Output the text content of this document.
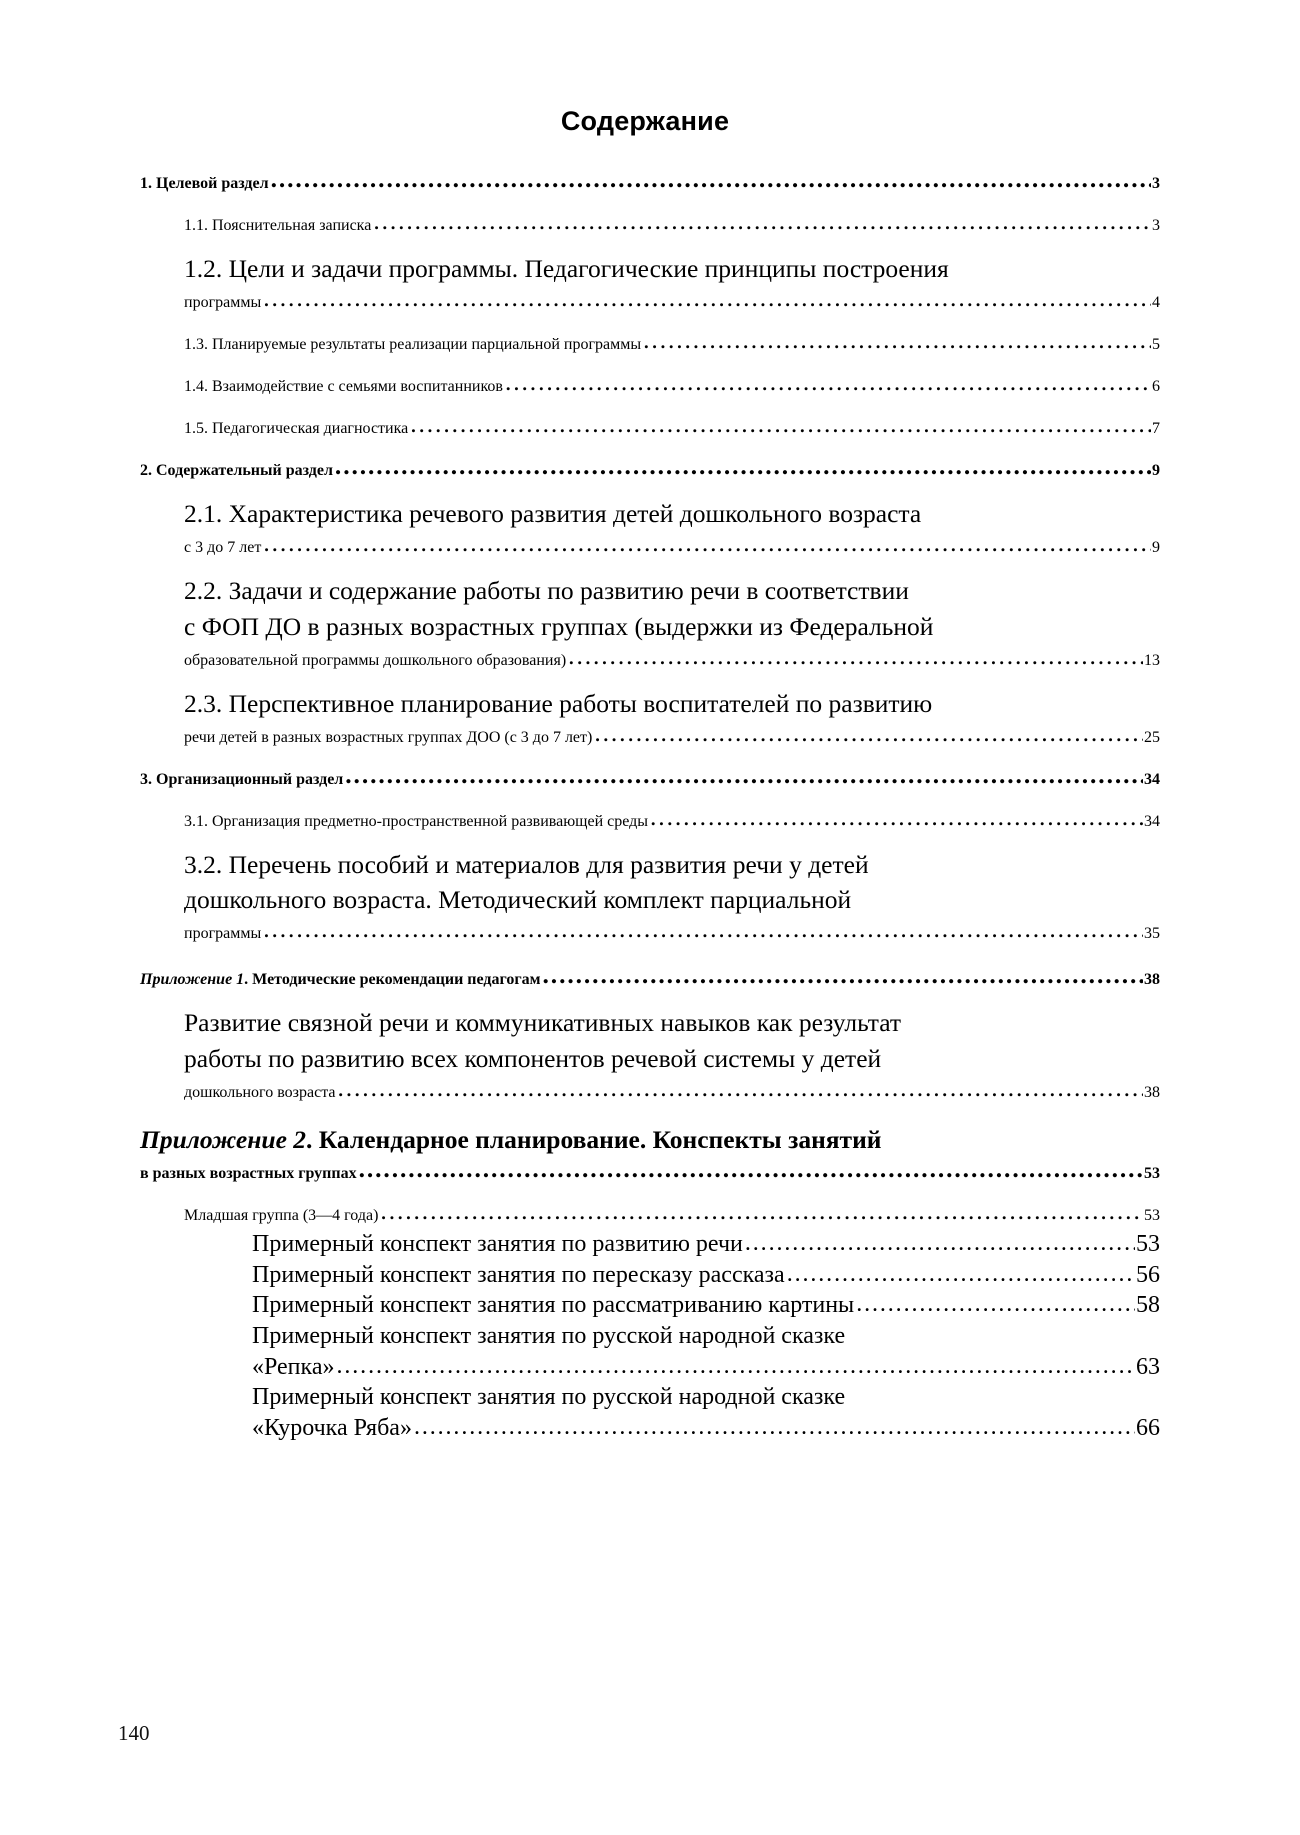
Содержание
1. Целевой раздел .....	3
1.1. Пояснительная записка .....	3
1.2. Цели и задачи программы. Педагогические принципы построения
программы .....	4
1.3. Планируемые результаты реализации парциальной программы .....	5
1.4. Взаимодействие с семьями воспитанников .....	6
1.5. Педагогическая диагностика .....	7
2. Содержательный раздел .....	9
2.1. Характеристика речевого развития детей дошкольного возраста
с 3 до 7 лет .....	9
2.2. Задачи и содержание работы по развитию речи в соответствии
с ФОП ДО в разных возрастных группах (выдержки из Федеральной
образовательной программы дошкольного образования) .....	13
2.3. Перспективное планирование работы воспитателей по развитию
речи детей в разных возрастных группах ДОО (с 3 до 7 лет) .....	25
3. Организационный раздел .....	34
3.1. Организация предметно-пространственной развивающей среды .....	34
3.2. Перечень пособий и материалов для развития речи у детей
дошкольного возраста. Методический комплект парциальной
программы .....	35
Приложение 1. Методические рекомендации педагогам .....	38
Развитие связной речи и коммуникативных навыков как результат
работы по развитию всех компонентов речевой системы у детей
дошкольного возраста .....	38
Приложение 2. Календарное планирование. Конспекты занятий
в разных возрастных группах .....	53
Младшая группа (3—4 года) .....	53
Примерный конспект занятия по развитию речи .....	53
Примерный конспект занятия по пересказу рассказа .....	56
Примерный конспект занятия по рассматриванию картины .....	58
Примерный конспект занятия по русской народной сказке
«Репка» .....	63
Примерный конспект занятия по русской народной сказке
«Курочка Ряба» .....	66
140
